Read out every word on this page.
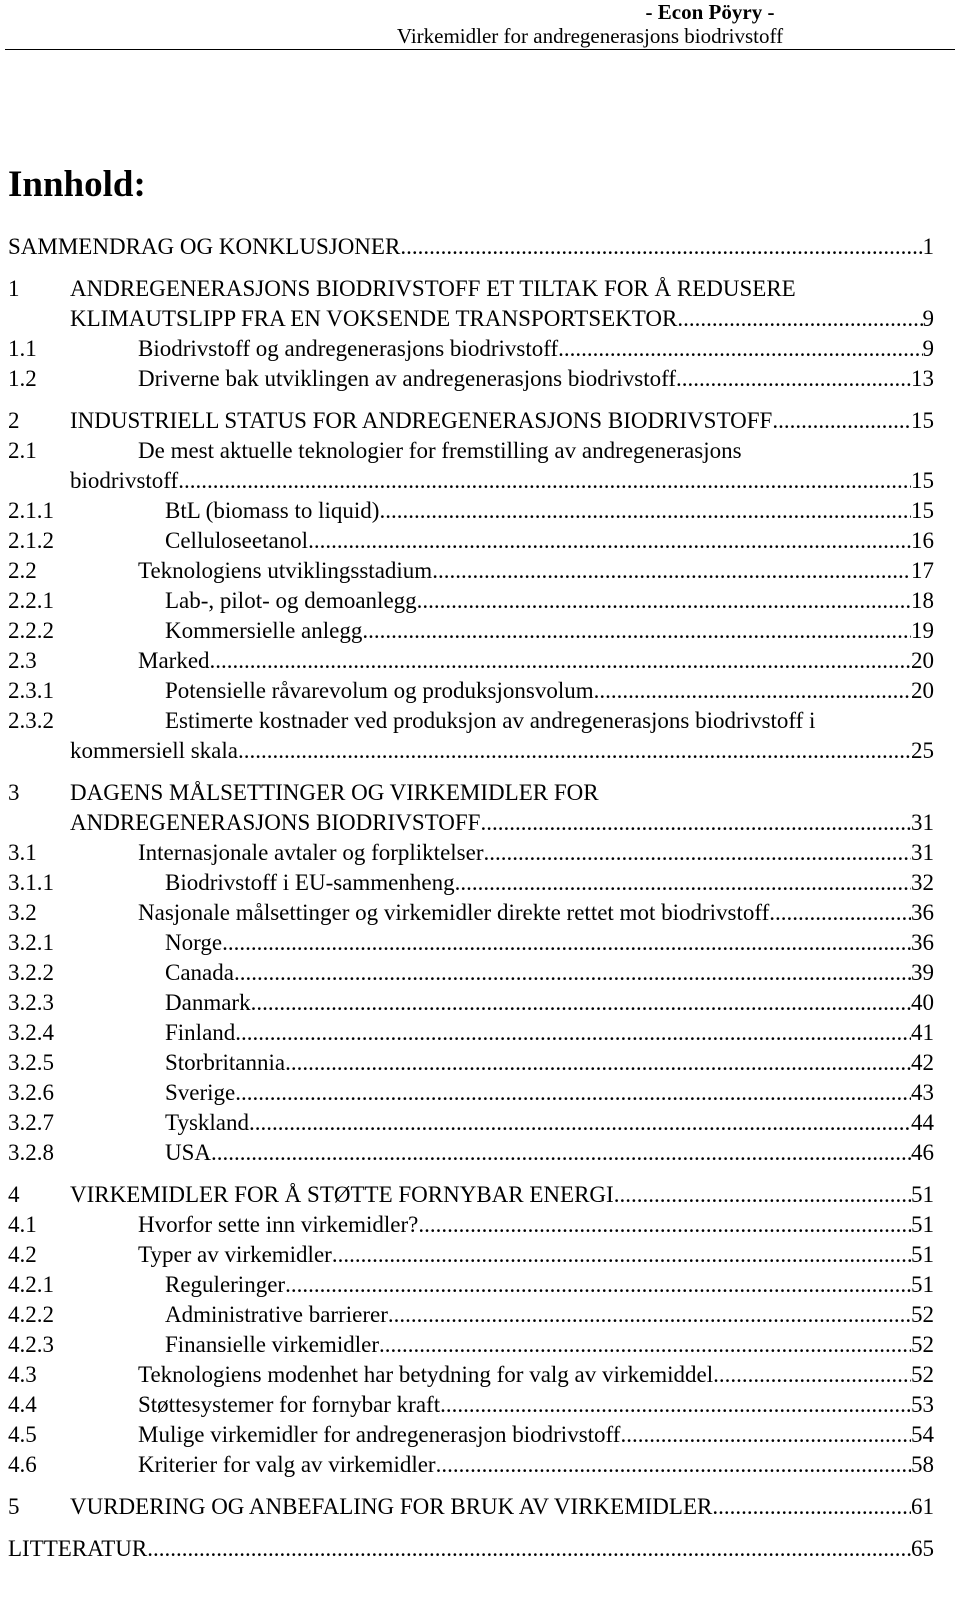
- Econ Pöyry -
Virkemidler for andregenerasjons biodrivstoff
Innhold:
SAMMENDRAG OG KONKLUSJONER .....	1
1 ANDREGENERASJONS BIODRIVSTOFF ET TILTAK FOR Å REDUSERE
KLIMAUTSLIPP FRA EN VOKSENDE TRANSPORTSEKTOR .....	9
1.1	Biodrivstoff og andregenerasjons biodrivstoff .....	9
1.2	Driverne bak utviklingen av andregenerasjons biodrivstoff .....	13
2 INDUSTRIELL STATUS FOR ANDREGENERASJONS BIODRIVSTOFF .....	15
2.1	De mest aktuelle teknologier for fremstilling av andregenerasjons
biodrivstoff .....	15
2.1.1	BtL (biomass to liquid) .....	15
2.1.2	Celluloseetanol .....	16
2.2	Teknologiens utviklingsstadium .....	17
2.2.1	Lab-, pilot- og demoanlegg .....	18
2.2.2	Kommersielle anlegg .....	19
2.3	Marked .....	20
2.3.1	Potensielle råvarevolum og produksjonsvolum .....	20
2.3.2	Estimerte kostnader ved produksjon av andregenerasjons biodrivstoff i
kommersiell skala .....	25
3 DAGENS MÅLSETTINGER OG VIRKEMIDLER FOR
ANDREGENERASJONS BIODRIVSTOFF .....	31
3.1	Internasjonale avtaler og forpliktelser .....	31
3.1.1	Biodrivstoff i EU-sammenheng .....	32
3.2	Nasjonale målsettinger og virkemidler direkte rettet mot biodrivstoff .....	36
3.2.1	Norge .....	36
3.2.2	Canada .....	39
3.2.3	Danmark .....	40
3.2.4	Finland .....	41
3.2.5	Storbritannia .....	42
3.2.6	Sverige .....	43
3.2.7	Tyskland .....	44
3.2.8	USA .....	46
4 VIRKEMIDLER FOR Å STØTTE FORNYBAR ENERGI .....	51
4.1	Hvorfor sette inn virkemidler? .....	51
4.2	Typer av virkemidler .....	51
4.2.1	Reguleringer .....	51
4.2.2	Administrative barrierer .....	52
4.2.3	Finansielle virkemidler .....	52
4.3	Teknologiens modenhet har betydning for valg av virkemiddel .....	52
4.4	Støttesystemer for fornybar kraft .....	53
4.5	Mulige virkemidler for andregenerasjon biodrivstoff .....	54
4.6	Kriterier for valg av virkemidler .....	58
5 VURDERING OG ANBEFALING FOR BRUK AV VIRKEMIDLER .....	61
LITTERATUR .....	65
